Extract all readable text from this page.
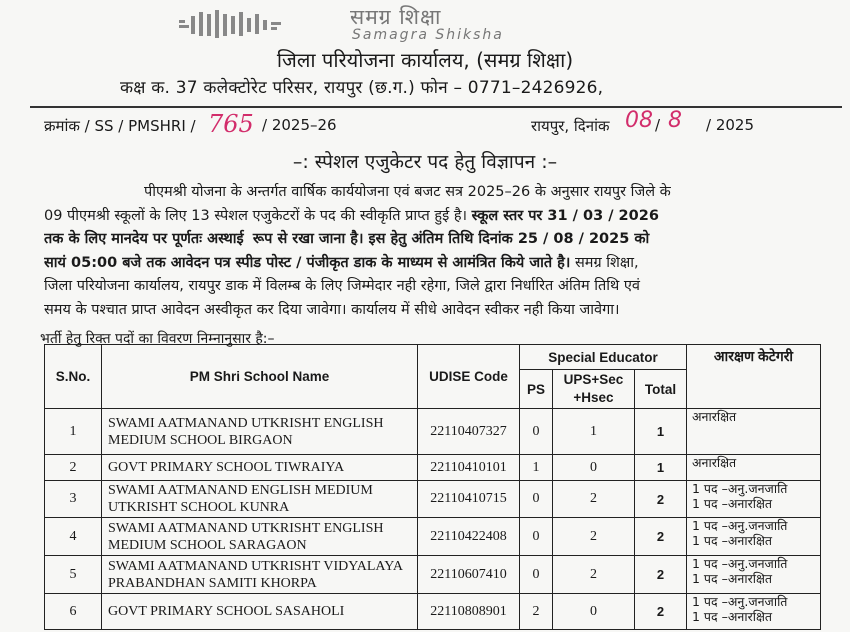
समग्र शिक्षा
Samagra Shiksha
जिला परियोजना कार्यालय, (समग्र शिक्षा)
कक्ष क. 37 कलेक्टोरेट परिसर, रायपुर (छ.ग.) फोन – 0771–2426926,
क्रमांक / SS / PMSHRI / 765 / 2025–26	रायपुर, दिनांक 08 / 8 / 2025
–: स्पेशल एजुकेटर पद हेतु विज्ञापन :–
पीएमश्री योजना के अन्तर्गत वार्षिक कार्ययोजना एवं बजट सत्र 2025–26 के अनुसार रायपुर जिले के
09 पीएमश्री स्कूलों के लिए 13 स्पेशल एजुकेटरों के पद की स्वीकृति प्राप्त हुई है। स्कूल स्तर पर 31 / 03 / 2026
तक के लिए मानदेय पर पूर्णतः अस्थाई रूप से रखा जाना है। इस हेतु अंतिम तिथि दिनांक 25 / 08 / 2025 को
सायं 05:00 बजे तक आवेदन पत्र स्पीड पोस्ट / पंजीकृत डाक के माध्यम से आमंत्रित किये जाते है। समग्र शिक्षा,
जिला परियोजना कार्यालय, रायपुर डाक में विलम्ब के लिए जिम्मेदार नही रहेगा, जिले द्वारा निर्धारित अंतिम तिथि एवं
समय के पश्चात प्राप्त आवेदन अस्वीकृत कर दिया जावेगा। कार्यालय में सीधे आवेदन स्वीकर नही किया जावेगा।
भर्ती हेतु रिक्त पदों का विवरण निम्नानुसार है:–
S.No.	PM Shri School Name	UDISE Code	Special Educator			आरक्षण केटेगरी
			PS	UPS+Sec +Hsec	Total	
1	SWAMI AATMANAND UTKRISHT ENGLISH MEDIUM SCHOOL BIRGAON	22110407327	0	1	1	अनारक्षित

2	GOVT PRIMARY SCHOOL TIWRAIYA	22110410101	1	0	1	अनारक्षित

3	SWAMI AATMANAND ENGLISH MEDIUM UTKRISHT SCHOOL KUNRA	22110410715	0	2	2	1 पद –अनु.जनजाति
1 पद –अनारक्षित

4	SWAMI AATMANAND UTKRISHT ENGLISH MEDIUM SCHOOL SARAGAON	22110422408	0	2	2	1 पद –अनु.जनजाति
1 पद –अनारक्षित

5	SWAMI AATMANAND UTKRISHT VIDYALAYA PRABANDHAN SAMITI KHORPA	22110607410	0	2	2	1 पद –अनु.जनजाति
1 पद –अनारक्षित

6	GOVT PRIMARY SCHOOL SASAHOLI	22110808901	2	0	2	1 पद –अनु.जनजाति
1 पद –अनारक्षित
